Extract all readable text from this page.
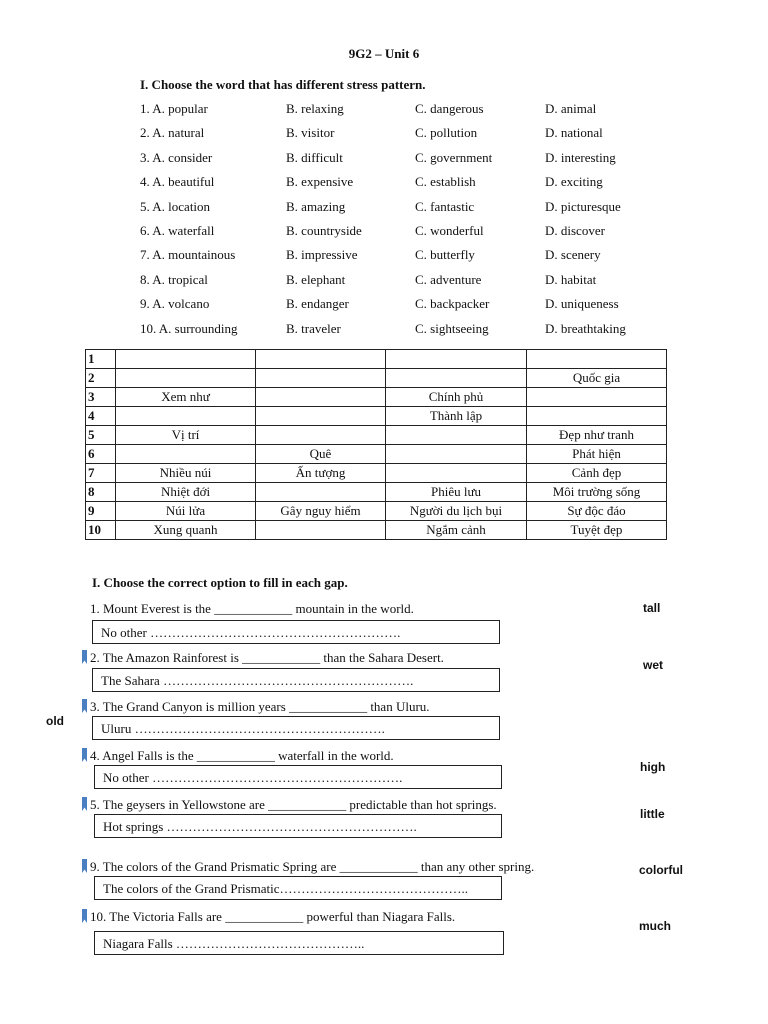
9G2 – Unit 6
I. Choose the word that has different stress pattern.
1. A. popular	B. relaxing	C. dangerous	D. animal
2. A. natural	B. visitor	C. pollution	D. national
3. A. consider	B. difficult	C. government	D. interesting
4. A. beautiful	B. expensive	C. establish	D. exciting
5. A. location	B. amazing	C. fantastic	D. picturesque
6. A. waterfall	B. countryside	C. wonderful	D. discover
7. A. mountainous	B. impressive	C. butterfly	D. scenery
8. A. tropical	B. elephant	C. adventure	D. habitat
9. A. volcano	B. endanger	C. backpacker	D. uniqueness
10. A. surrounding	B. traveler	C. sightseeing	D. breathtaking
1				
2				Quốc gia
3	Xem như		Chính phủ	
4			Thành lập	
5	Vị trí			Đẹp như tranh
6		Quê		Phát hiện
7	Nhiều núi	Ấn tượng		Cảnh đẹp
8	Nhiệt đới		Phiêu lưu	Môi trường sống
9	Núi lửa	Gây nguy hiểm	Người du lịch bụi	Sự độc đáo
10	Xung quanh		Ngắm cảnh	Tuyệt đẹp
I. Choose the correct option to fill in each gap.
1. Mount Everest is the ____________ mountain in the world.
No other ………………………………………………….
tall
2. The Amazon Rainforest is ____________ than the Sahara Desert.
The Sahara ………………………………………………….
wet
3. The Grand Canyon is million years ____________ than Uluru.
Uluru ………………………………………………….
old
4. Angel Falls is the ____________ waterfall in the world.
No other ………………………………………………….
high
5. The geysers in Yellowstone are ____________ predictable than hot springs.
Hot springs ………………………………………………….
little
9. The colors of the Grand Prismatic Spring are ____________ than any other spring.
The colors of the Grand Prismatic……………………………………..
colorful
10. The Victoria Falls are ____________ powerful than Niagara Falls.
Niagara Falls ……………………………………..
much
